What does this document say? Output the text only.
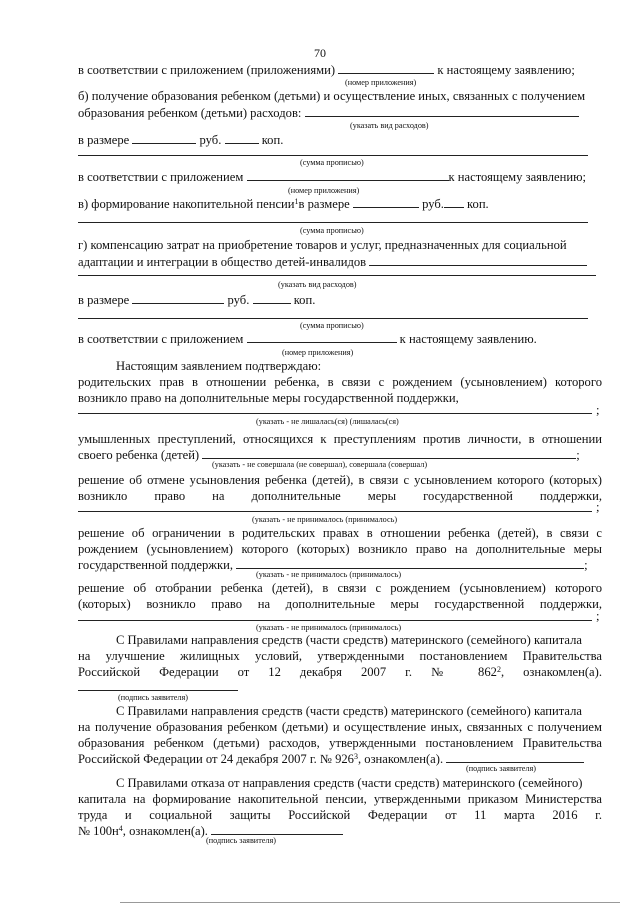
70
в соответствии с приложением (приложениями)	к настоящему заявлению;
(номер приложения)
б) получение образования ребенком (детьми) и осуществление иных, связанных с получением
образования ребенком (детьми) расходов:
(указать вид расходов)
в размере	руб.	коп.
(сумма прописью)
в соответствии с приложением	к настоящему заявлению;
(номер приложения)
в) формирование накопительной пенсии$^1$в размере	руб. коп.
(сумма прописью)
г) компенсацию затрат на приобретение товаров и услуг, предназначенных для социальной
адаптации и интеграции в общество детей-инвалидов
(указать вид расходов)
в размере	руб.	коп.
(сумма прописью)
в соответствии с приложением	к настоящему заявлению.
(номер приложения)
Настоящим заявлением подтверждаю:
родительских прав в отношении ребенка, в связи с рождением (усыновлением) которого
возникло право на дополнительные меры государственной поддержки,
;
(указать - не лишалась(ся) (лишалась(ся)
умышленных преступлений, относящихся к преступлениям против личности, в отношении
своего ребенка (детей)	;
(указать - не совершала (не совершал), совершала (совершал)
решение об отмене усыновления ребенка (детей), в связи с усыновлением которого (которых)
возникло право на дополнительные меры государственной поддержки,
;
(указать - не принималось (принималось)
решение об ограничении в родительских правах в отношении ребенка (детей), в связи с
рождением (усыновлением) которого (которых) возникло право на дополнительные меры
государственной поддержки,	;
(указать - не принималось (принималось)
решение об отобрании ребенка (детей), в связи с рождением (усыновлением) которого
(которых) возникло право на дополнительные меры государственной поддержки,
;
(указать - не принималось (принималось)
С Правилами направления средств (части средств) материнского (семейного) капитала
на улучшение жилищных условий, утвержденными постановлением Правительства
Российской Федерации от 12 декабря 2007 г. № $862^2$, ознакомлен(а).
(подпись заявителя)
С Правилами направления средств (части средств) материнского (семейного) капитала
на получение образования ребенком (детьми) и осуществление иных, связанных с получением
образования ребенком (детьми) расходов, утвержденными постановлением Правительства
Российской Федерации от 24 декабря 2007 г. № $926^3$, ознакомлен(а).
(подпись заявителя)
С Правилами отказа от направления средств (части средств) материнского (семейного)
капитала на формирование накопительной пенсии, утвержденными приказом Министерства
труда и социальной защиты Российской Федерации от 11 марта 2016 г.
№ $100н^4$, ознакомлен(а).
(подпись заявителя)
